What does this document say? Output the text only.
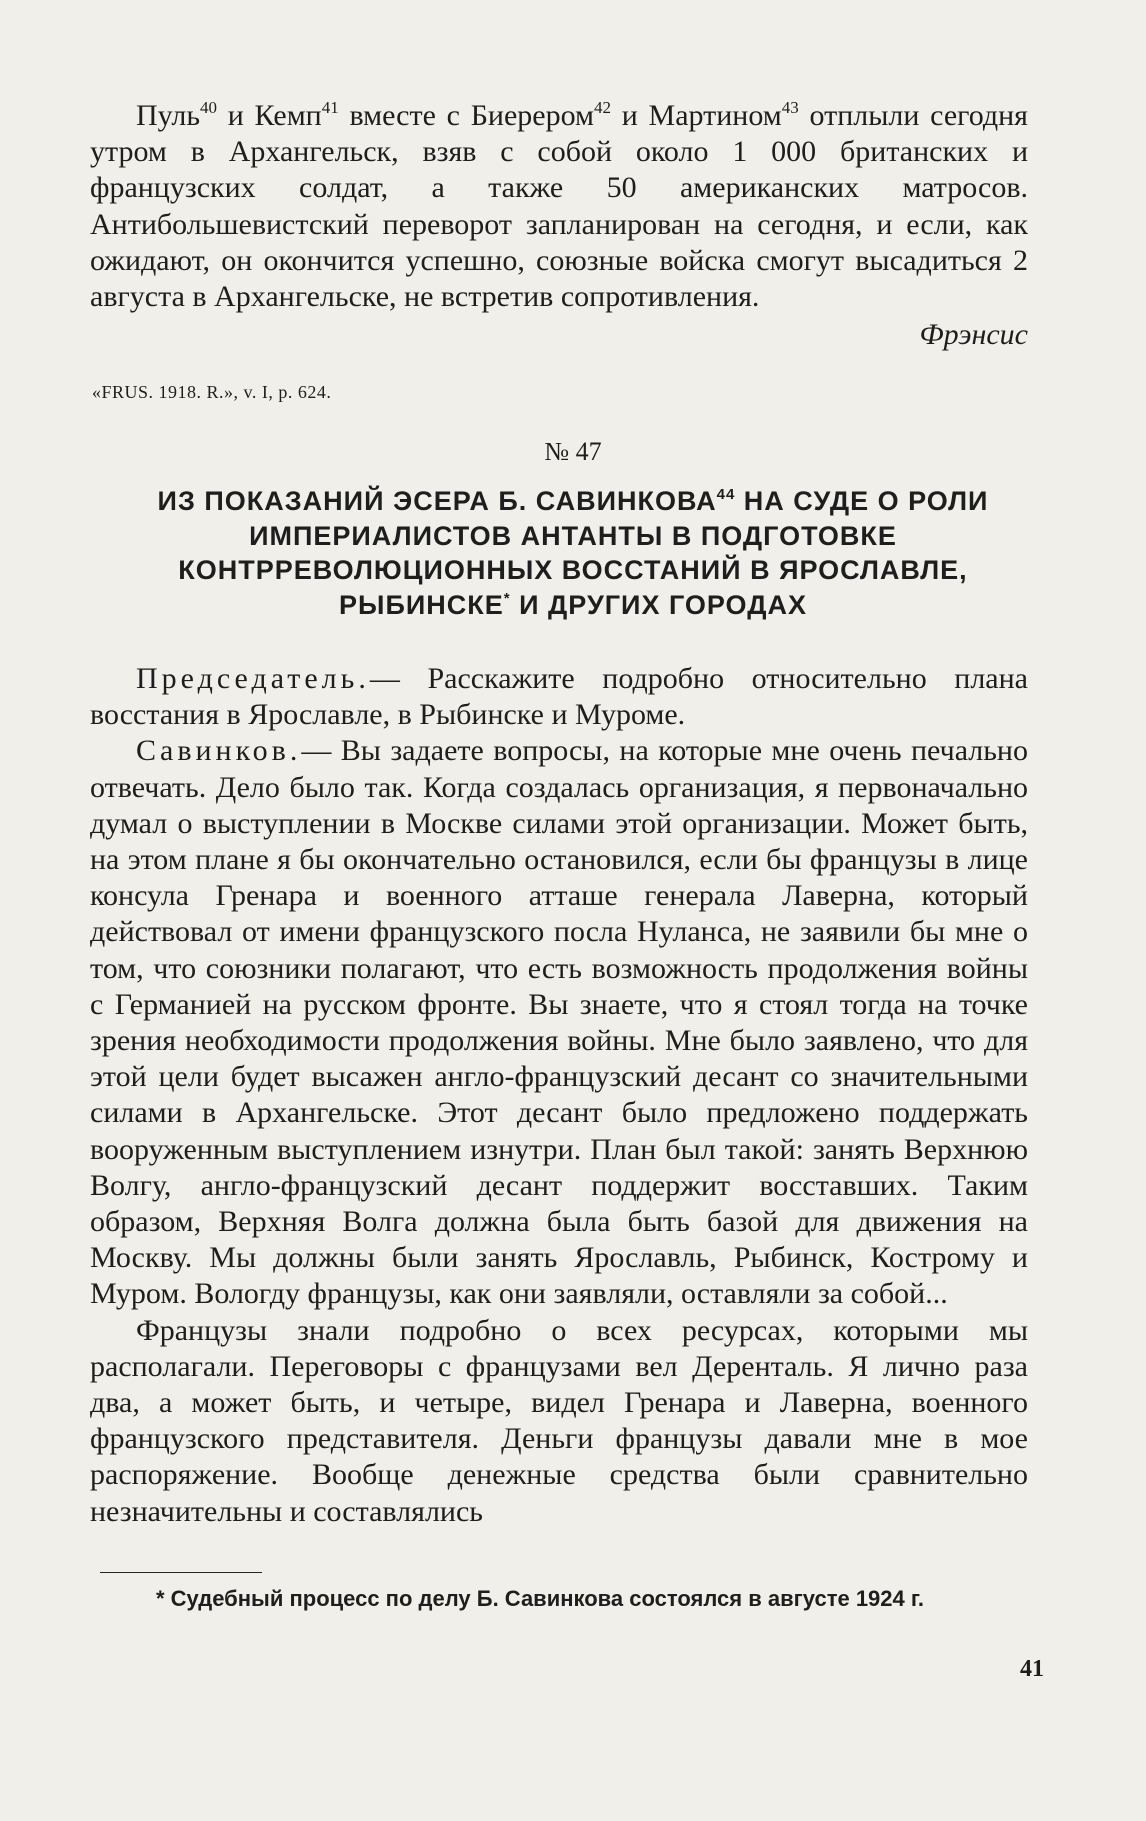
Пуль$^{40}$ и Кемп$^{41}$ вместе с Биерером$^{42}$ и Мартином$^{43}$ отплыли сегодня утром в Архангельск, взяв с собой около 1 000 британских и французских солдат, а также 50 американских матросов. Антибольшевистский переворот запланирован на сегодня, и если, как ожидают, он окончится успешно, союзные войска смогут высадиться 2 августа в Архангельске, не встретив сопротивления.

Фрэнсис
«FRUS. 1918. R.», v. I, p. 624.
№ 47
ИЗ ПОКАЗАНИЙ ЭСЕРА Б. САВИНКОВА$^{44}$ НА СУДЕ О РОЛИ ИМПЕРИАЛИСТОВ АНТАНТЫ В ПОДГОТОВКЕ КОНТРРЕВОЛЮЦИОННЫХ ВОССТАНИЙ В ЯРОСЛАВЛЕ, РЫБИНСКЕ* И ДРУГИХ ГОРОДАХ

Председатель.— Расскажите подробно относительно плана восстания в Ярославле, в Рыбинске и Муроме.

Савинков.— Вы задаете вопросы, на которые мне очень печально отвечать. Дело было так. Когда создалась организация, я первоначально думал о выступлении в Москве силами этой организации. Может быть, на этом плане я бы окончательно остановился, если бы французы в лице консула Гренара и военного атташе генерала Лаверна, который действовал от имени французского посла Нуланса, не заявили бы мне о том, что союзники полагают, что есть возможность продолжения войны с Германией на русском фронте. Вы знаете, что я стоял тогда на точке зрения необходимости продолжения войны. Мне было заявлено, что для этой цели будет высажен англо-французский десант со значительными силами в Архангельске. Этот десант было предложено поддержать вооруженным выступлением изнутри. План был такой: занять Верхнюю Волгу, англо-французский десант поддержит восставших. Таким образом, Верхняя Волга должна была быть базой для движения на Москву. Мы должны были занять Ярославль, Рыбинск, Кострому и Муром. Вологду французы, как они заявляли, оставляли за собой...

Французы знали подробно о всех ресурсах, которыми мы располагали. Переговоры с французами вел Деренталь. Я лично раза два, а может быть, и четыре, видел Гренара и Лаверна, военного французского представителя. Деньги французы давали мне в мое распоряжение. Вообще денежные средства были сравнительно незначительны и составлялись

* Судебный процесс по делу Б. Савинкова состоялся в августе 1924 г.
41
